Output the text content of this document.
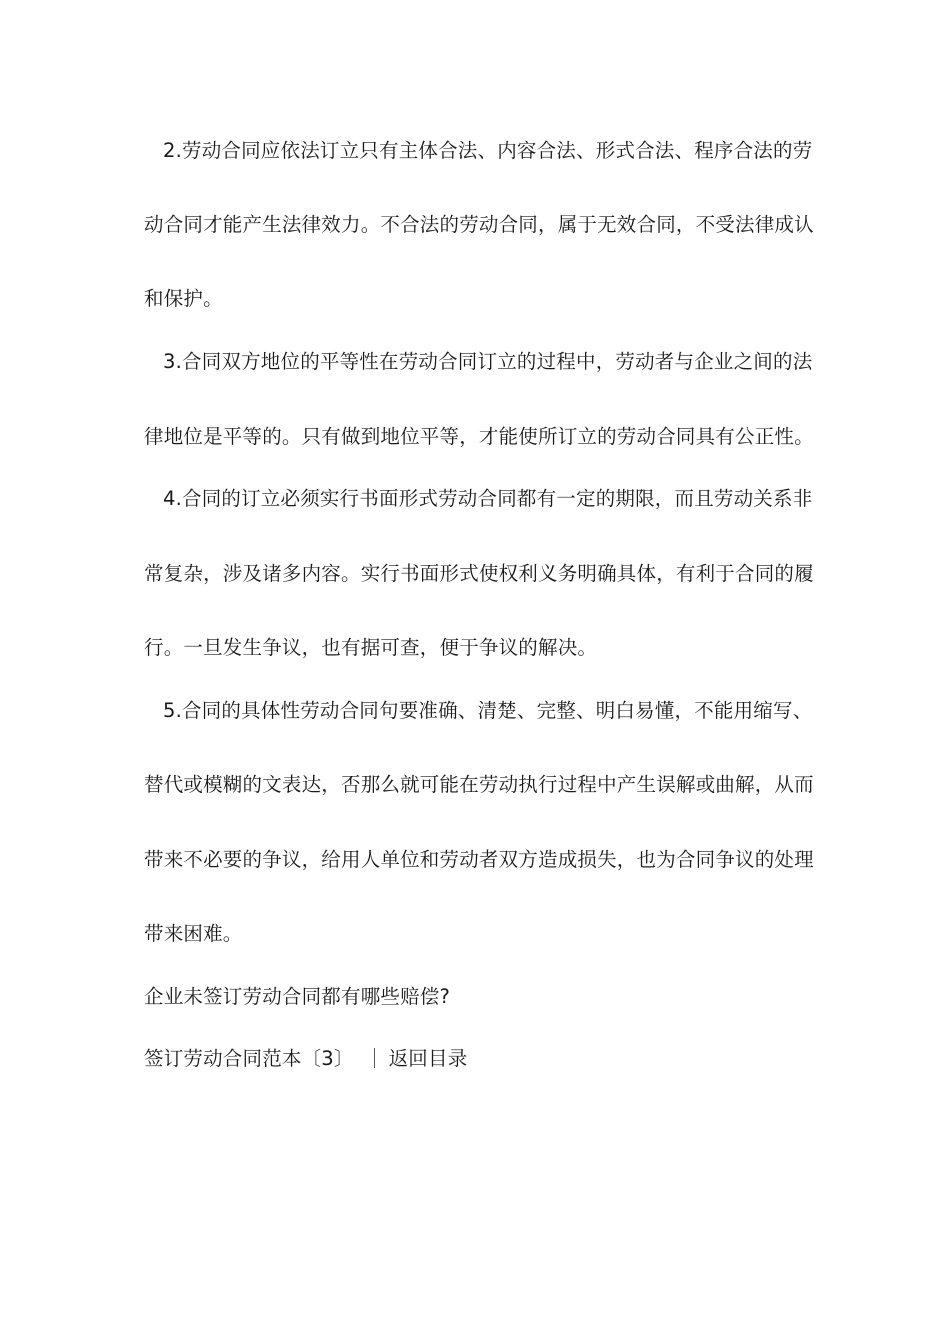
2.劳动合同应依法订立只有主体合法、内容合法、形式合法、程序合法的劳
动合同才能产生法律效力。不合法的劳动合同，属于无效合同，不受法律成认
和保护。
3.合同双方地位的平等性在劳动合同订立的过程中，劳动者与企业之间的法
律地位是平等的。只有做到地位平等，才能使所订立的劳动合同具有公正性。
4.合同的订立必须实行书面形式劳动合同都有一定的期限，而且劳动关系非
常复杂，涉及诸多内容。实行书面形式使权利义务明确具体，有利于合同的履
行。一旦发生争议，也有据可查，便于争议的解决。
5.合同的具体性劳动合同句要准确、清楚、完整、明白易懂，不能用缩写、
替代或模糊的文表达，否那么就可能在劳动执行过程中产生误解或曲解，从而
带来不必要的争议，给用人单位和劳动者双方造成损失，也为合同争议的处理
带来困难。
企业未签订劳动合同都有哪些赔偿?
签订劳动合同范本〔3〕 返回目录
